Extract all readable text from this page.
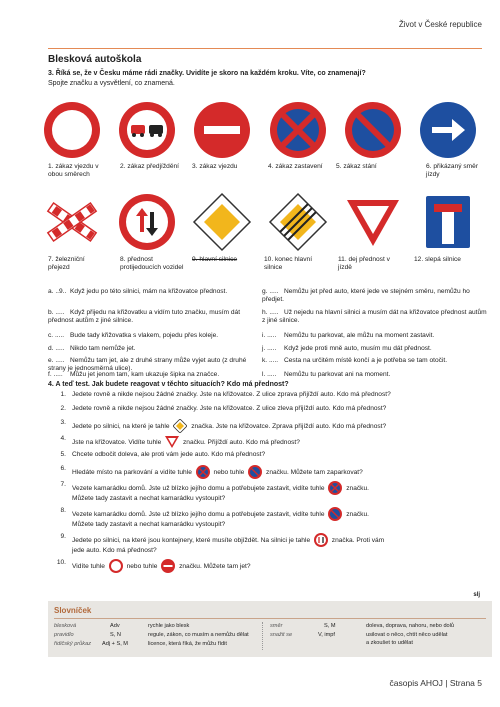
Život v České republice
Blesková autoškola
3. Říká se, že v Česku máme rádi značky. Uvidíte je skoro na každém kroku. Víte, co znamenají?
Spojte značku a vysvětlení, co znamená.
1. zákaz vjezdu v obou směrech
2. zákaz předjíždění	3. zákaz vjezdu	4. zákaz zastavení	5. zákaz stání	6. přikázaný směr jízdy
7. železniční přejezd
8. přednost protijedoucích vozidel
9. hlavní silnice	10. konec hlavní silnice
11. dej přednost v jízdě
12. slepá silnice
a. ..9.. Když jedu po této silnici, mám na křižovatce přednost.
b. ..... Když přijedu na křižovatku a vidím tuto značku, musím dát přednost autům z jiné silnice.
c. ..... Bude tady křižovatka s vlakem, pojedu přes koleje.
d. ..... Nikdo tam nemůže jet.
e. ..... Nemůžu tam jet, ale z druhé strany může vyjet auto (z druhé strany je jednosměrná ulice).
f. ..... Můžu jet jenom tam, kam ukazuje šipka na značce.
g. ..... Nemůžu jet před auto, které jede ve stejném směru, nemůžu ho předjet.
h. ..... Už nejedu na hlavní silnici a musím dát na křižovatce přednost autům z jiné silnice.
i. ..... Nemůžu tu parkovat, ale můžu na moment zastavit.
j. ..... Když jede proti mně auto, musím mu dát přednost.
k. ..... Cesta na určitém místě končí a je potřeba se tam otočit.
l. ..... Nemůžu tu parkovat ani na moment.
4. A teď test. Jak budete reagovat v těchto situacích? Kdo má přednost?
1. Jedete rovně a nikde nejsou žádné značky. Jste na křižovatce. Z ulice zprava přijíždí auto. Kdo má přednost?
2. Jedete rovně a nikde nejsou žádné značky. Jste na křižovatce. Z ulice zleva přijíždí auto. Kdo má přednost?
3.
Jedete po silnici, na které je tahle	značka. Jste na křižovatce. Zprava přijíždí auto. Kdo má přednost?
4.
Jste na křižovatce. Vidíte tuhle	značku. Přijíždí auto. Kdo má přednost?
5. Chcete odbočit doleva, ale proti vám jede auto. Kdo má přednost?
6.
Hledáte místo na parkování a vidíte tuhle	nebo tuhle	značku. Můžete tam zaparkovat?
7.
Vezete kamarádku domů. Jste už blízko jejího domu a potřebujete zastavit, vidíte tuhle	značku.
Můžete tady zastavit a nechat kamarádku vystoupit?
8.
Vezete kamarádku domů. Jste už blízko jejího domu a potřebujete zastavit, vidíte tuhle	značku.
Můžete tady zastavit a nechat kamarádku vystoupit?
9.
Jedete po silnici, na které jsou kontejnery, které musíte objíždět. Na silnici je tahle	značka. Proti vám
jede auto. Kdo má přednost?
10.
Vidíte tuhle	nebo tuhle	značku. Můžete tam jet?
slj
Slovníček
blesková	Adv	rychle jako blesk
pravidlo	S, N	regule, zákon, co musím a nemůžu dělat
řidičský průkaz Adj + S, M	licence, která říká, že můžu řídit
směr	S, M	doleva, doprava, nahoru, nebo dolů
snažit se	V, impf	usilovat o něco, chtít něco udělat
a zkoušet to udělat
časopis AHOJ | Strana 5
